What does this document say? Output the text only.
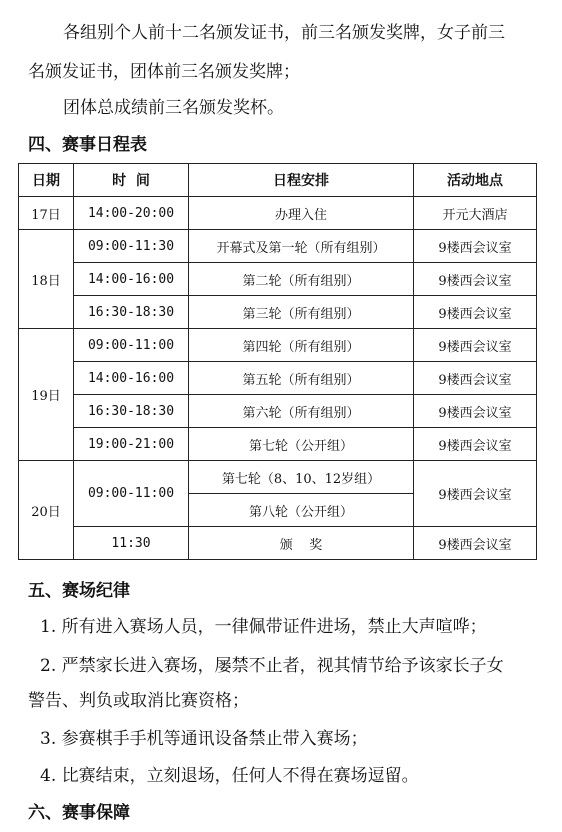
各组别个人前十二名颁发证书，前三名颁发奖牌，女子前三
名颁发证书，团体前三名颁发奖牌；
团体总成绩前三名颁发奖杯。
四、赛事日程表
日期	时  间	日程安排	活动地点
17日	14:00-20:00	办理入住	开元大酒店
18日	09:00-11:30	开幕式及第一轮（所有组别）	9楼西会议室
	14:00-16:00	第二轮（所有组别）	9楼西会议室
	16:30-18:30	第三轮（所有组别）	9楼西会议室
19日	09:00-11:00	第四轮（所有组别）	9楼西会议室
	14:00-16:00	第五轮（所有组别）	9楼西会议室
	16:30-18:30	第六轮（所有组别）	9楼西会议室
	19:00-21:00	第七轮（公开组）	9楼西会议室
20日	09:00-11:00	第七轮（8、10、12岁组）	9楼西会议室
		第八轮（公开组）	
	11:30	颁    奖	9楼西会议室
五、赛场纪律
1. 所有进入赛场人员，一律佩带证件进场，禁止大声喧哗；
2. 严禁家长进入赛场，屡禁不止者，视其情节给予该家长子女
警告、判负或取消比赛资格；
3. 参赛棋手手机等通讯设备禁止带入赛场；
4. 比赛结束，立刻退场，任何人不得在赛场逗留。
六、赛事保障
